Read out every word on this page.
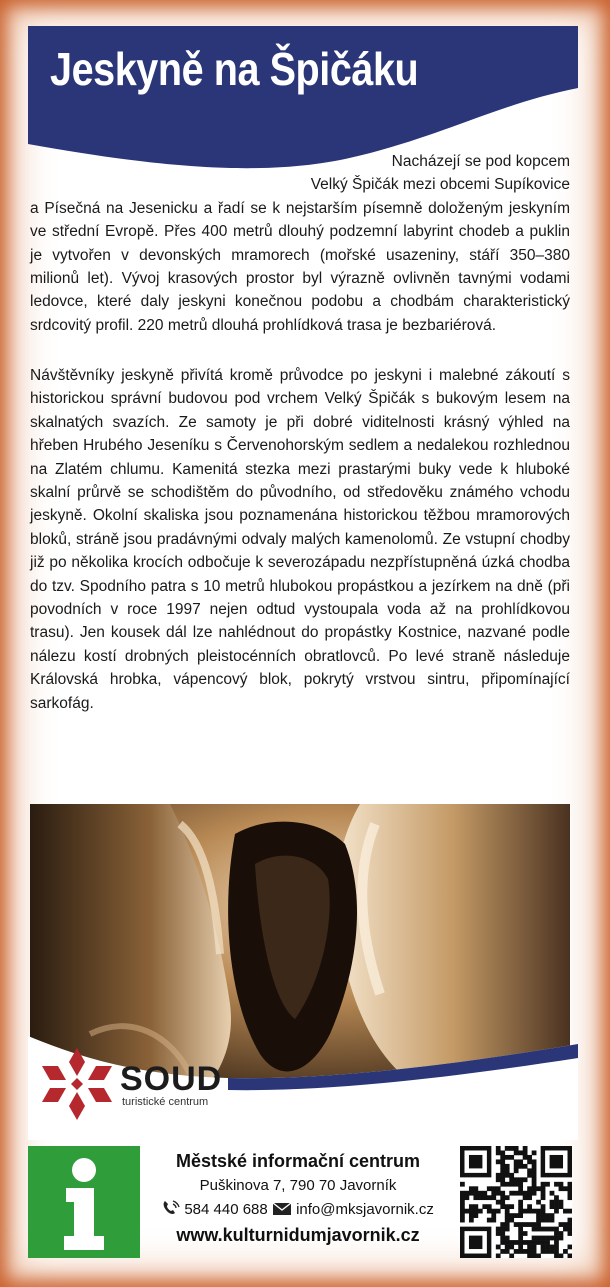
Jeskyně na Špičáku

Nacházejí se pod kopcem

Velký Špičák mezi obcemi Supíkovice

a Písečná na Jesenicku a řadí se k nejstarším písemně doloženým jeskyním ve střední Evropě. Přes 400 metrů dlouhý podzemní labyrint chodeb a puklin je vytvořen v devonských mramorech (mořské usazeniny, stáří 350–380 milionů let). Vývoj krasových prostor byl výrazně ovlivněn tavnými vodami ledovce, které daly jeskyni konečnou podobu a chodbám charakteristický srdcovitý profil. 220 metrů dlouhá prohlídková trasa je bezbariérová.

Návštěvníky jeskyně přivítá kromě průvodce po jeskyni i malebné zákoutí s historickou správní budovou pod vrchem Velký Špičák s bukovým lesem na skalnatých svazích. Ze samoty je při dobré viditelnosti krásný výhled na hřeben Hrubého Jeseníku s Červenohorským sedlem a nedalekou rozhlednou na Zlatém chlumu. Kamenitá stezka mezi prastarými buky vede k hluboké skalní průrvě se schodištěm do původního, od středověku známého vchodu jeskyně. Okolní skaliska jsou poznamenána historickou těžbou mramorových bloků, stráně jsou pradávnými odvaly malých kamenolomů. Ze vstupní chodby již po několika krocích odbočuje k severozápadu nezpřístupněná úzká chodba do tzv. Spodního patra s 10 metrů hlubokou propástkou a jezírkem na dně (při povodních v roce 1997 nejen odtud vystoupala voda až na prohlídkovou trasu). Jen kousek dál lze nahlédnout do propástky Kostnice, nazvané podle nálezu kostí drobných pleistocénních obratlovců. Po levé straně následuje Královská hrobka, vápencový blok, pokrytý vrstvou sintru, připomínající sarkofág.

SOUD
turistické centrum
Městské informační centrum
Puškinova 7, 790 70 Javorník
584 440 688 info@mksjavornik.cz
www.kulturnidumjavornik.cz
